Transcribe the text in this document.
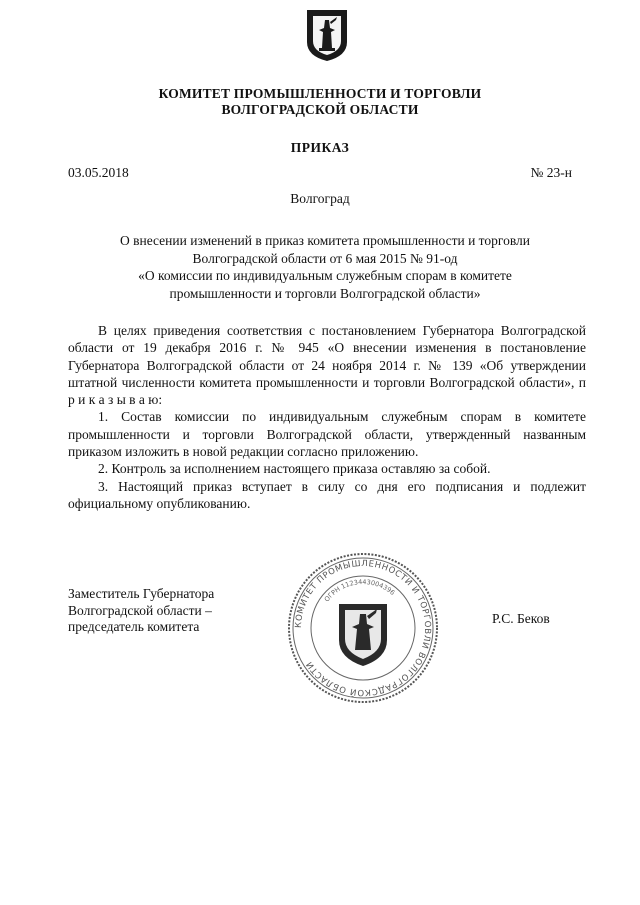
КОМИТЕТ ПРОМЫШЛЕННОСТИ И ТОРГОВЛИ
ВОЛГОГРАДСКОЙ ОБЛАСТИ
ПРИКАЗ
03.05.2018	№ 23-н
Волгоград
О внесении изменений в приказ комитета промышленности и торговли
Волгоградской области от 6 мая 2015 № 91-од
«О комиссии по индивидуальным служебным спорам в комитете
промышленности и торговли Волгоградской области»

В целях приведения соответствия с постановлением Губернатора Волгоградской области от 19 декабря 2016 г. № 945 «О внесении изменения в постановление Губернатора Волгоградской области от 24 ноября 2014 г. № 139 «Об утверждении штатной численности комитета промышленности и торговли Волгоградской области», п р и к а з ы в а ю:

1. Состав комиссии по индивидуальным служебным спорам в комитете промышленности и торговли Волгоградской области, утвержденный названным приказом изложить в новой редакции согласно приложению.

2. Контроль за исполнением настоящего приказа оставляю за собой.

3. Настоящий приказ вступает в силу со дня его подписания и подлежит официальному опубликованию.

Заместитель Губернатора
Волгоградской области –
председатель комитета
Р.С. Беков
КОМИТЕТ ПРОМЫШЛЕННОСТИ И ТОРГОВЛИ ВОЛГОГРАДСКОЙ ОБЛАСТИ
ОГРН 1123443004396
